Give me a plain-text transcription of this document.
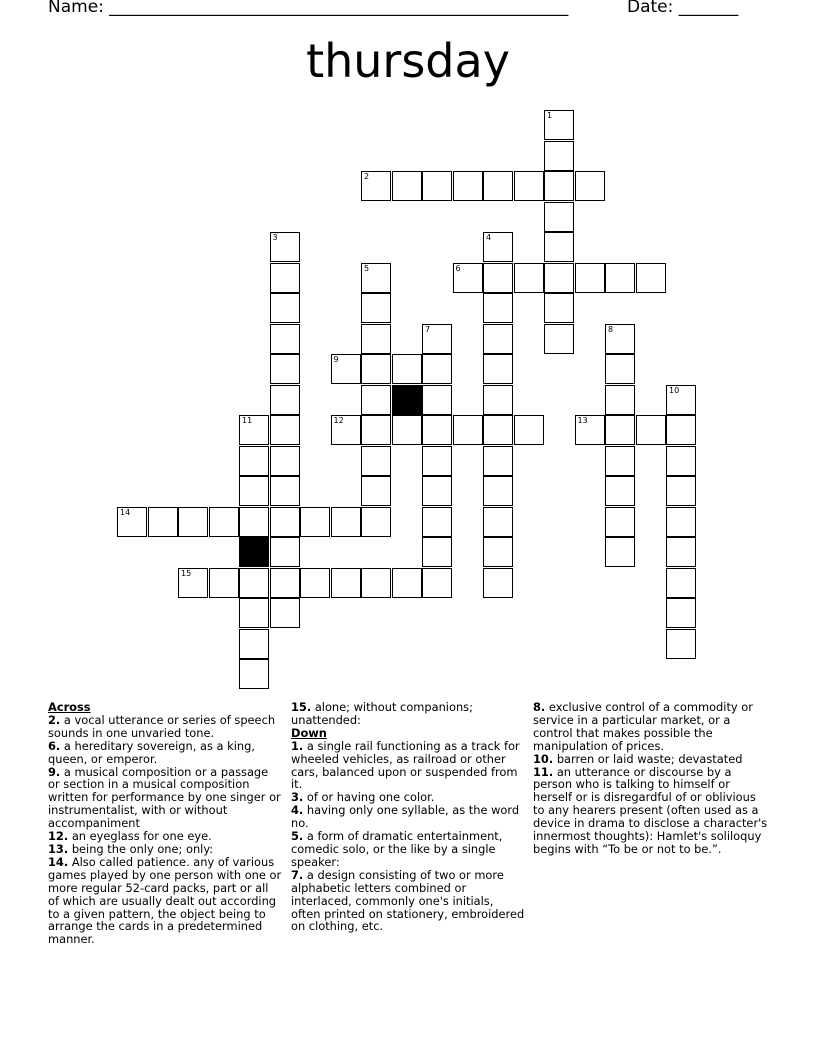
Name: ______________________________________________________	Date: _______
thursday
1
2
3	4
5	6
7	8
9
10
11	12	13
14
15

Across

2. a vocal utterance or series of speech sounds in one unvaried tone.

6. a hereditary sovereign, as a king, queen, or emperor.

9. a musical composition or a passage or section in a musical composition written for performance by one singer or instrumentalist, with or without accompaniment

12. an eyeglass for one eye.

13. being the only one; only:

14. Also called patience. any of various games played by one person with one or more regular 52-card packs, part or all of which are usually dealt out according to a given pattern, the object being to arrange the cards in a predetermined manner.

15. alone; without companions; unattended:

Down

1. a single rail functioning as a track for wheeled vehicles, as railroad or other cars, balanced upon or suspended from it.

3. of or having one color.

4. having only one syllable, as the word no.

5. a form of dramatic entertainment, comedic solo, or the like by a single speaker:

7. a design consisting of two or more alphabetic letters combined or interlaced, commonly one's initials, often printed on stationery, embroidered on clothing, etc.

8. exclusive control of a commodity or service in a particular market, or a control that makes possible the manipulation of prices.

10. barren or laid waste; devastated

11. an utterance or discourse by a person who is talking to himself or herself or is disregardful of or oblivious to any hearers present (often used as a device in drama to disclose a character's innermost thoughts): Hamlet's soliloquy begins with “To be or not to be.”.
